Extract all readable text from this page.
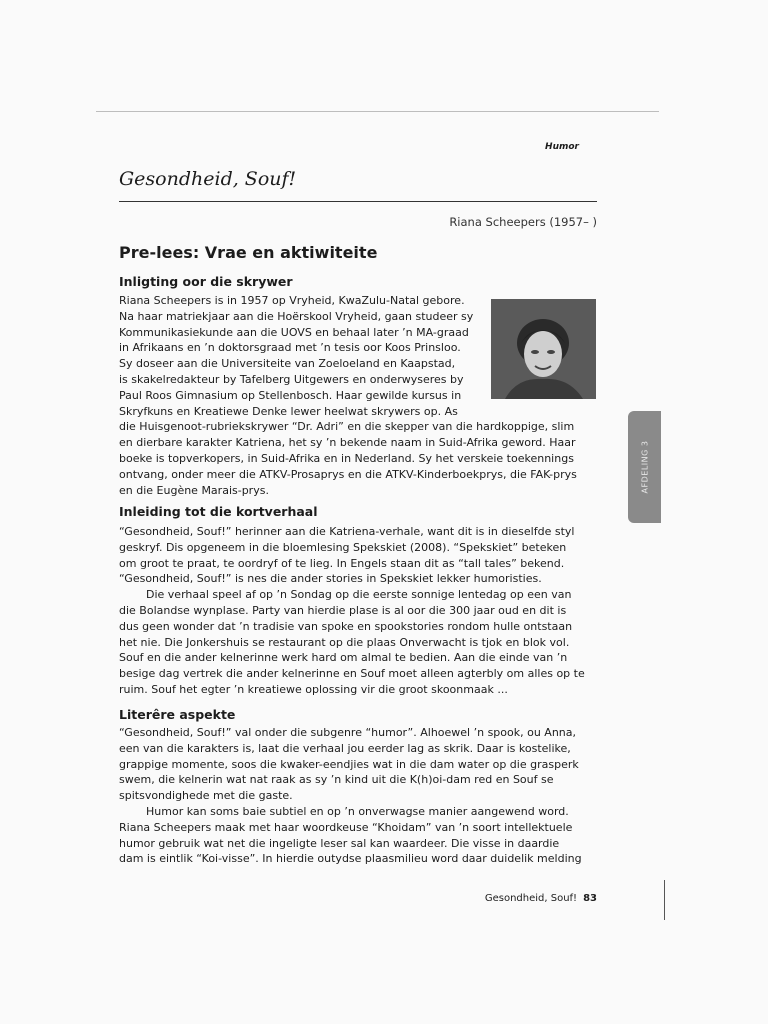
Humor
Gesondheid, Souf!
Riana Scheepers (1957– )
Pre-lees: Vrae en aktiwiteite
Inligting oor die skrywer
Riana Scheepers is in 1957 op Vryheid, KwaZulu-Natal gebore.
Na haar matriekjaar aan die Hoërskool Vryheid, gaan studeer sy
Kommunikasiekunde aan die UOVS en behaal later ’n MA-graad
in Afrikaans en ’n doktorsgraad met ’n tesis oor Koos Prinsloo.
Sy doseer aan die Universiteite van Zoeloeland en Kaapstad,
is skakelredakteur by Tafelberg Uitgewers en onderwyseres by
Paul Roos Gimnasium op Stellenbosch. Haar gewilde kursus in
Skryfkuns en Kreatiewe Denke lewer heelwat skrywers op. As
die Huisgenoot-rubriekskrywer “Dr. Adri” en die skepper van die hardkoppige, slim
en dierbare karakter Katriena, het sy ’n bekende naam in Suid-Afrika geword. Haar
boeke is topverkopers, in Suid-Afrika en in Nederland. Sy het verskeie toekennings
ontvang, onder meer die ATKV-Prosaprys en die ATKV-Kinderboekprys, die FAK-prys
en die Eugène Marais-prys.
Inleiding tot die kortverhaal
“Gesondheid, Souf!” herinner aan die Katriena-verhale, want dit is in dieselfde styl
geskryf. Dis opgeneem in die bloemlesing Spekskiet (2008). “Spekskiet” beteken
om groot te praat, te oordryf of te lieg. In Engels staan dit as “tall tales” bekend.
“Gesondheid, Souf!” is nes die ander stories in Spekskiet lekker humoristies.
Die verhaal speel af op ’n Sondag op die eerste sonnige lentedag op een van
die Bolandse wynplase. Party van hierdie plase is al oor die 300 jaar oud en dit is
dus geen wonder dat ’n tradisie van spoke en spookstories rondom hulle ontstaan
het nie. Die Jonkershuis se restaurant op die plaas Onverwacht is tjok en blok vol.
Souf en die ander kelnerinne werk hard om almal te bedien. Aan die einde van ’n
besige dag vertrek die ander kelnerinne en Souf moet alleen agterbly om alles op te
ruim. Souf het egter ’n kreatiewe oplossing vir die groot skoonmaak ...
Literêre aspekte
“Gesondheid, Souf!” val onder die subgenre “humor”. Alhoewel ’n spook, ou Anna,
een van die karakters is, laat die verhaal jou eerder lag as skrik. Daar is kostelike,
grappige momente, soos die kwaker-eendjies wat in die dam water op die grasperk
swem, die kelnerin wat nat raak as sy ’n kind uit die K(h)oi-dam red en Souf se
spitsvondighede met die gaste.
Humor kan soms baie subtiel en op ’n onverwagse manier aangewend word.
Riana Scheepers maak met haar woordkeuse “Khoidam” van ’n soort intellektuele
humor gebruik wat net die ingeligte leser sal kan waardeer. Die visse in daardie
dam is eintlik “Koi-visse”. In hierdie outydse plaasmilieu word daar duidelik melding
AFDELING 3
Gesondheid, Souf! 83
